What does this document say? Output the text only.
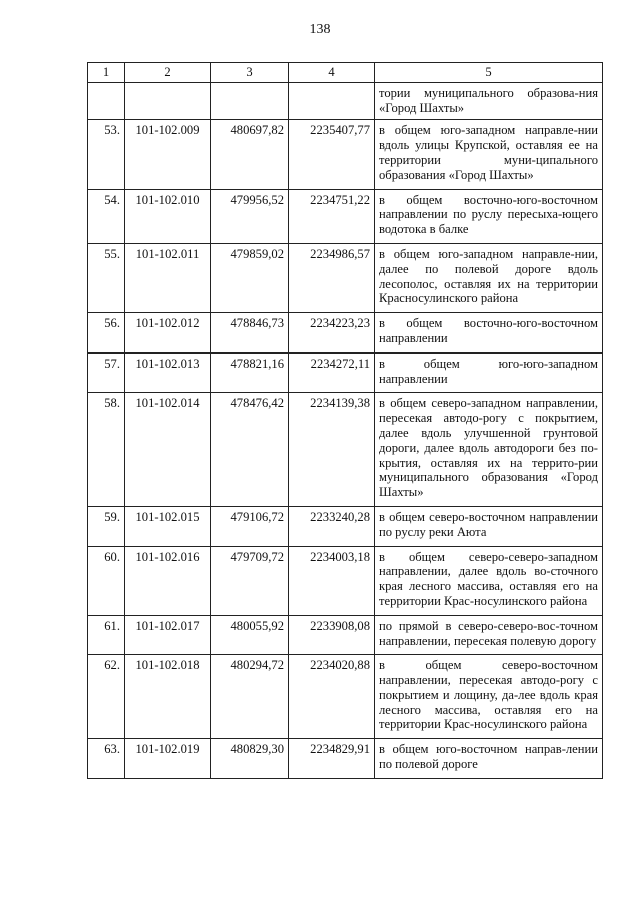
138
1	2	3	4	5
				тории муниципального образова-ния «Город Шахты»
53.	101-102.009	480697,82	2235407,77	в общем юго-западном направле-нии вдоль улицы Крупской, оставляя ее на территории муни-ципального образования «Город Шахты»
54.	101-102.010	479956,52	2234751,22	в общем восточно-юго-восточном направлении по руслу пересыха-ющего водотока в балке
55.	101-102.011	479859,02	2234986,57	в общем юго-западном направле-нии, далее по полевой дороге вдоль лесополос, оставляя их на территории Красносулинского района
56.	101-102.012	478846,73	2234223,23	в общем восточно-юго-восточном направлении
57.	101-102.013	478821,16	2234272,11	в общем юго-юго-западном направлении
58.	101-102.014	478476,42	2234139,38	в общем северо-западном направлении, пересекая автодо-рогу с покрытием, далее вдоль улучшенной грунтовой дороги, далее вдоль автодороги без по-крытия, оставляя их на террито-рии муниципального образования «Город Шахты»
59.	101-102.015	479106,72	2233240,28	в общем северо-восточном направлении по руслу реки Аюта
60.	101-102.016	479709,72	2234003,18	в общем северо-северо-западном направлении, далее вдоль во-сточного края лесного массива, оставляя его на территории Крас-носулинского района
61.	101-102.017	480055,92	2233908,08	по прямой в северо-северо-вос-точном направлении, пересекая полевую дорогу
62.	101-102.018	480294,72	2234020,88	в общем северо-восточном направлении, пересекая автодо-рогу с покрытием и лощину, да-лее вдоль края лесного массива, оставляя его на территории Крас-носулинского района
63.	101-102.019	480829,30	2234829,91	в общем юго-восточном направ-лении по полевой дороге
